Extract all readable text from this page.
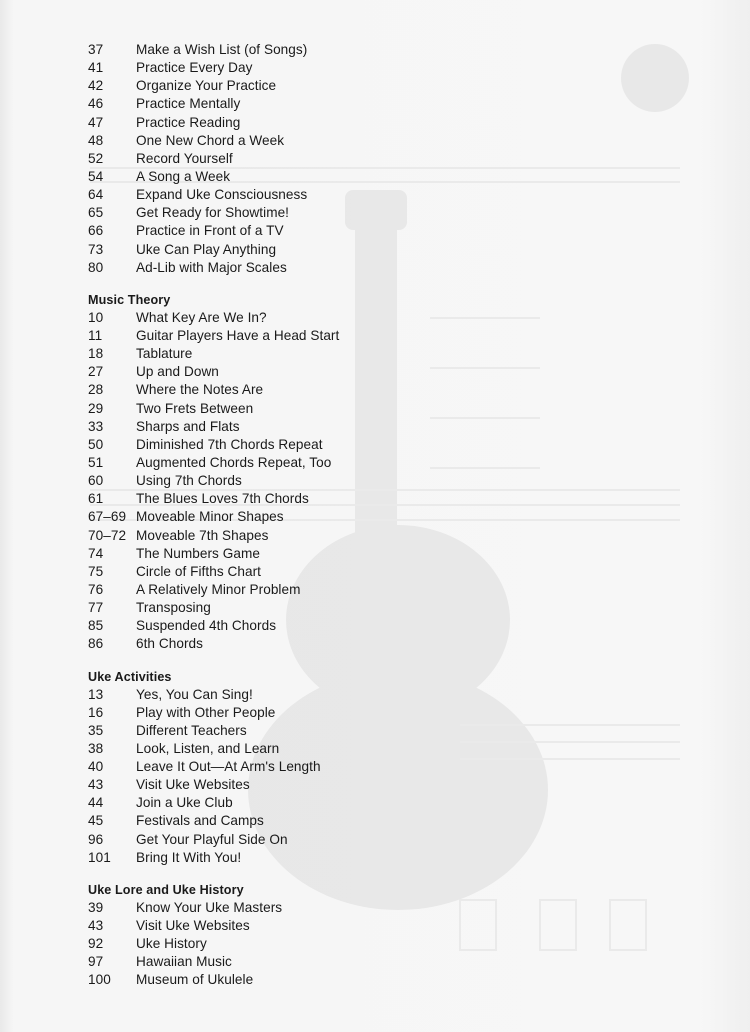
37	Make a Wish List (of Songs)
41	Practice Every Day
42	Organize Your Practice
46	Practice Mentally
47	Practice Reading
48	One New Chord a Week
52	Record Yourself
54	A Song a Week
64	Expand Uke Consciousness
65	Get Ready for Showtime!
66	Practice in Front of a TV
73	Uke Can Play Anything
80	Ad-Lib with Major Scales
Music Theory
10	What Key Are We In?
11	Guitar Players Have a Head Start
18	Tablature
27	Up and Down
28	Where the Notes Are
29	Two Frets Between
33	Sharps and Flats
50	Diminished 7th Chords Repeat
51	Augmented Chords Repeat, Too
60	Using 7th Chords
61	The Blues Loves 7th Chords
67–69 Moveable Minor Shapes
70–72 Moveable 7th Shapes
74	The Numbers Game
75	Circle of Fifths Chart
76	A Relatively Minor Problem
77	Transposing
85	Suspended 4th Chords
86	6th Chords
Uke Activities
13	Yes, You Can Sing!
16	Play with Other People
35	Different Teachers
38	Look, Listen, and Learn
40	Leave It Out—At Arm's Length
43	Visit Uke Websites
44	Join a Uke Club
45	Festivals and Camps
96	Get Your Playful Side On
101	Bring It With You!
Uke Lore and Uke History
39	Know Your Uke Masters
43	Visit Uke Websites
92	Uke History
97	Hawaiian Music
100	Museum of Ukulele
